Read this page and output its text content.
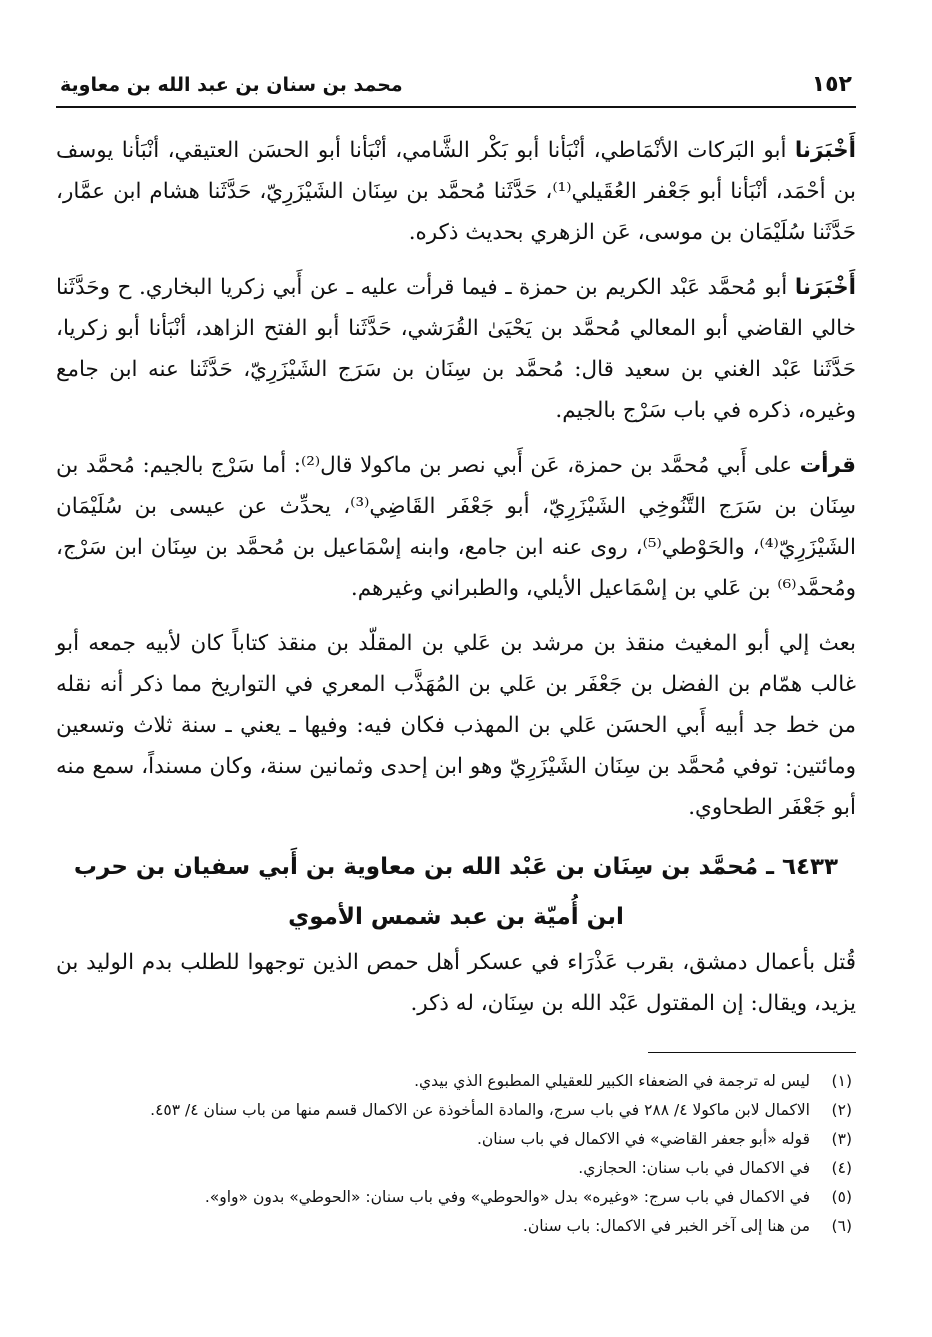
١٥٢
محمد بن سنان بن عبد الله بن معاوية

أَخْبَرَنا أبو البَركات الأنْمَاطي، أنْبَأنا أبو بَكْر الشَّامي، أنْبَأنا أبو الحسَن العتيقي، أنْبَأنا يوسف بن أحْمَد، أنْبَأنا أبو جَعْفر العُقَيلي⁽¹⁾، حَدَّثَنا مُحمَّد بن سِنَان الشَيْزَرِيّ، حَدَّثَنا هشام ابن عمَّار، حَدَّثَنا سُلَيْمَان بن موسى، عَن الزهري بحديث ذكره.

أَخْبَرَنا أبو مُحمَّد عَبْد الكريم بن حمزة ـ فيما قرأت عليه ـ عن أَبي زكريا البخاري. ح وحَدَّثَنا خالي القاضي أبو المعالي مُحمَّد بن يَحْيَىٰ القُرَشي، حَدَّثَنا أبو الفتح الزاهد، أنْبَأنا أبو زكريا، حَدَّثَنا عَبْد الغني بن سعيد قال: مُحمَّد بن سِنَان بن سَرَج الشَيْزَرِيّ، حَدَّثَنا عنه ابن جامع وغيره، ذكره في باب سَرْج بالجيم.

قرأت على أَبي مُحمَّد بن حمزة، عَن أَبي نصر بن ماكولا قال⁽²⁾: أما سَرْج بالجيم: مُحمَّد بن سِنَان بن سَرَج التَّنُوخِي الشَيْزَرِيّ، أبو جَعْفَر القَاضِي⁽³⁾، يحدِّث عن عيسى بن سُلَيْمَان الشَيْزَرِيّ⁽⁴⁾، والحَوْطي⁽⁵⁾، روى عنه ابن جامع، وابنه إسْمَاعيل بن مُحمَّد بن سِنَان ابن سَرْج، ومُحمَّد⁽⁶⁾ بن عَلي بن إسْمَاعيل الأيلي، والطبراني وغيرهم.

بعث إلي أبو المغيث منقذ بن مرشد بن عَلي بن المقلّد بن منقذ كتاباً كان لأبيه جمعه أبو غالب همّام بن الفضل بن جَعْفَر بن عَلي بن المُهَذَّب المعري في التواريخ مما ذكر أنه نقله من خط جد أبيه أَبي الحسَن عَلي بن المهذب فكان فيه: وفيها ـ يعني ـ سنة ثلاث وتسعين ومائتين: توفي مُحمَّد بن سِنَان الشَيْزَرِيّ وهو ابن إحدى وثمانين سنة، وكان مسنداً، سمع منه أبو جَعْفَر الطحاوي.

٦٤٣٣ ـ مُحمَّد بن سِنَان بن عَبْد الله بن معاوية بن أَبي سفيان بن حرب
ابن أُميّة بن عبد شمس الأموي

قُتل بأعمال دمشق، بقرب عَذْرَاء في عسكر أهل حمص الذين توجهوا للطلب بدم الوليد بن يزيد، ويقال: إن المقتول عَبْد الله بن سِنَان، له ذكر.

(١)
ليس له ترجمة في الضعفاء الكبير للعقيلي المطبوع الذي بيدي.
(٢)
الاكمال لابن ماكولا ٤/ ٢٨٨ في باب سرج، والمادة المأخوذة عن الاكمال قسم منها من باب سنان ٤/ ٤٥٣.
(٣)
قوله «أبو جعفر القاضي» في الاكمال في باب سنان.
(٤)
في الاكمال في باب سنان: الحجازي.
(٥)
في الاكمال في باب سرج: «وغيره» بدل «والحوطي» وفي باب سنان: «الحوطي» بدون «واو».
(٦)
من هنا إلى آخر الخبر في الاكمال: باب سنان.
